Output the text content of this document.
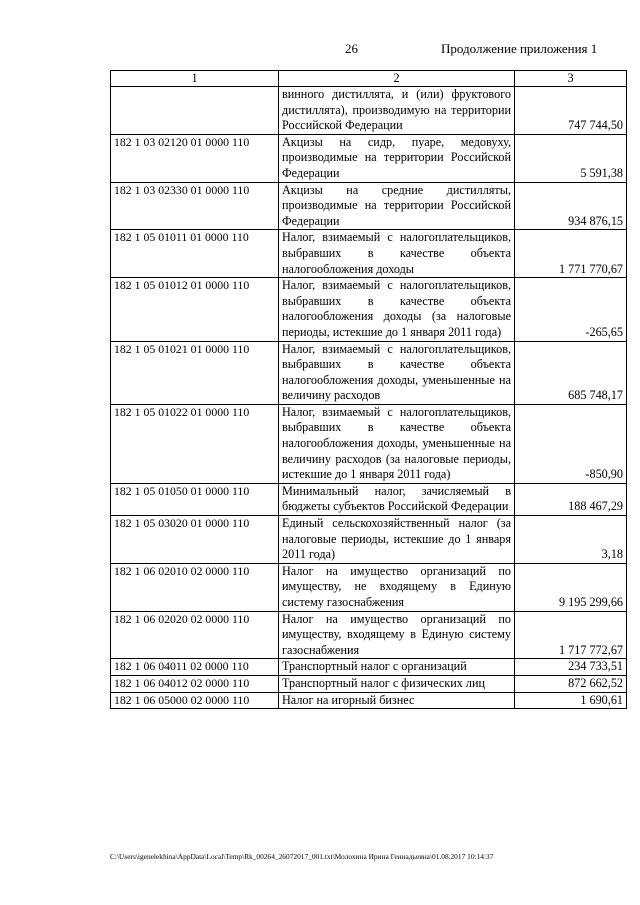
26	Продолжение приложения 1
1	2	3
	винного дистиллята, и (или) фруктового дистиллята), производимую на территории Российской Федерации	747 744,50
182 1 03 02120 01 0000 110	Акцизы на сидр, пуаре, медовуху, производимые на территории Российской Федерации	5 591,38
182 1 03 02330 01 0000 110	Акцизы на средние дистилляты, производимые на территории Российской Федерации	934 876,15
182 1 05 01011 01 0000 110	Налог, взимаемый с налогоплательщиков, выбравших в качестве объекта налогообложения доходы	1 771 770,67
182 1 05 01012 01 0000 110	Налог, взимаемый с налогоплательщиков, выбравших в качестве объекта налогообложения доходы (за налоговые периоды, истекшие до 1 января 2011 года)	-265,65
182 1 05 01021 01 0000 110	Налог, взимаемый с налогоплательщиков, выбравших в качестве объекта налогообложения доходы, уменьшенные на величину расходов	685 748,17
182 1 05 01022 01 0000 110	Налог, взимаемый с налогоплательщиков, выбравших в качестве объекта налогообложения доходы, уменьшенные на величину расходов (за налоговые периоды, истекшие до 1 января 2011 года)	-850,90
182 1 05 01050 01 0000 110	Минимальный налог, зачисляемый в бюджеты субъектов Российской Федерации	188 467,29
182 1 05 03020 01 0000 110	Единый сельскохозяйственный налог (за налоговые периоды, истекшие до 1 января 2011 года)	3,18
182 1 06 02010 02 0000 110	Налог на имущество организаций по имуществу, не входящему в Единую систему газоснабжения	9 195 299,66
182 1 06 02020 02 0000 110	Налог на имущество организаций по имуществу, входящему в Единую систему газоснабжения	1 717 772,67
182 1 06 04011 02 0000 110	Транспортный налог с организаций	234 733,51
182 1 06 04012 02 0000 110	Транспортный налог с физических лиц	872 662,52
182 1 06 05000 02 0000 110	Налог на игорный бизнес	1 690,61
C:\Users\igenelekhina\AppData\Local\Temp\Rk_00264_26072017_001.txt\Молохина Ирина Геннадьевна\01.08.2017 10:14:37
